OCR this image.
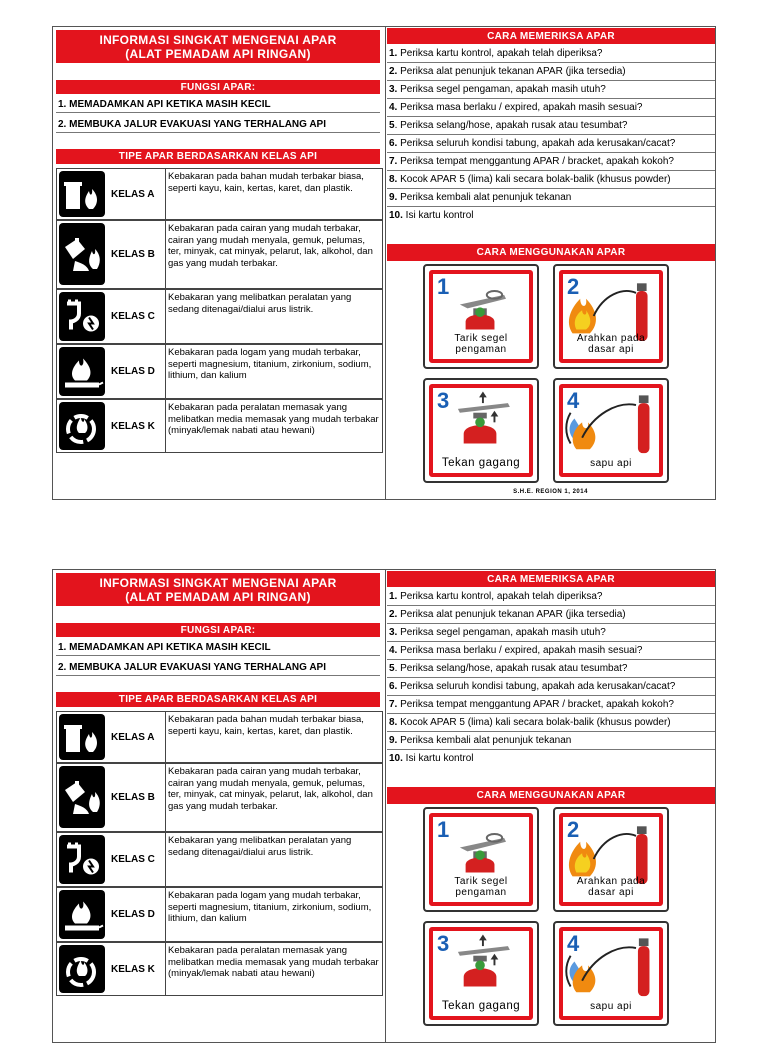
INFORMASI SINGKAT MENGENAI APAR
(ALAT PEMADAM API RINGAN)
FUNGSI APAR:
1. MEMADAMKAN API KETIKA MASIH KECIL
2. MEMBUKA JALUR EVAKUASI YANG TERHALANG API
TIPE APAR BERDASARKAN KELAS API
KELAS A
Kebakaran pada bahan mudah terbakar biasa, seperti kayu, kain, kertas, karet, dan plastik.
KELAS B
Kebakaran pada cairan yang mudah terbakar, cairan yang mudah menyala, gemuk, pelumas, ter, minyak, cat minyak, pelarut, lak, alkohol, dan gas yang mudah terbakar.
KELAS C
Kebakaran yang melibatkan peralatan yang sedang ditenagai/dialui arus listrik.
KELAS D
Kebakaran pada logam yang mudah terbakar, seperti magnesium, titanium, zirkonium, sodium, lithium, dan kalium
KELAS K
Kebakaran pada peralatan memasak yang melibatkan media memasak yang mudah terbakar (minyak/lemak nabati atau hewani)
CARA MEMERIKSA APAR
1. Periksa kartu kontrol, apakah telah diperiksa?
2. Periksa alat penunjuk tekanan APAR (jika tersedia)
3. Periksa segel pengaman, apakah masih utuh?
4. Periksa masa berlaku / expired, apakah masih sesuai?
5. Periksa selang/hose, apakah rusak atau tesumbat?
6. Periksa seluruh kondisi tabung, apakah ada kerusakan/cacat?
7. Periksa tempat menggantung APAR / bracket, apakah kokoh?
8. Kocok APAR 5 (lima) kali secara bolak-balik (khusus powder)
9. Periksa kembali alat penunjuk tekanan
10. Isi kartu kontrol
CARA MENGGUNAKAN APAR
S.H.E. REGION 1, 2014
1
Tarik segel pengaman
2
Arahkan pada dasar api
3
Tekan gagang
4
sapu api
INFORMASI SINGKAT MENGENAI APAR
(ALAT PEMADAM API RINGAN)
FUNGSI APAR:
1. MEMADAMKAN API KETIKA MASIH KECIL
2. MEMBUKA JALUR EVAKUASI YANG TERHALANG API
TIPE APAR BERDASARKAN KELAS API
KELAS A
Kebakaran pada bahan mudah terbakar biasa, seperti kayu, kain, kertas, karet, dan plastik.
KELAS B
Kebakaran pada cairan yang mudah terbakar, cairan yang mudah menyala, gemuk, pelumas, ter, minyak, cat minyak, pelarut, lak, alkohol, dan gas yang mudah terbakar.
KELAS C
Kebakaran yang melibatkan peralatan yang sedang ditenagai/dialui arus listrik.
KELAS D
Kebakaran pada logam yang mudah terbakar, seperti magnesium, titanium, zirkonium, sodium, lithium, dan kalium
KELAS K
Kebakaran pada peralatan memasak yang melibatkan media memasak yang mudah terbakar (minyak/lemak nabati atau hewani)
CARA MEMERIKSA APAR
1. Periksa kartu kontrol, apakah telah diperiksa?
2. Periksa alat penunjuk tekanan APAR (jika tersedia)
3. Periksa segel pengaman, apakah masih utuh?
4. Periksa masa berlaku / expired, apakah masih sesuai?
5. Periksa selang/hose, apakah rusak atau tesumbat?
6. Periksa seluruh kondisi tabung, apakah ada kerusakan/cacat?
7. Periksa tempat menggantung APAR / bracket, apakah kokoh?
8. Kocok APAR 5 (lima) kali secara bolak-balik (khusus powder)
9. Periksa kembali alat penunjuk tekanan
10. Isi kartu kontrol
CARA MENGGUNAKAN APAR
1
Tarik segel pengaman
2
Arahkan pada dasar api
3
Tekan gagang
4
sapu api
